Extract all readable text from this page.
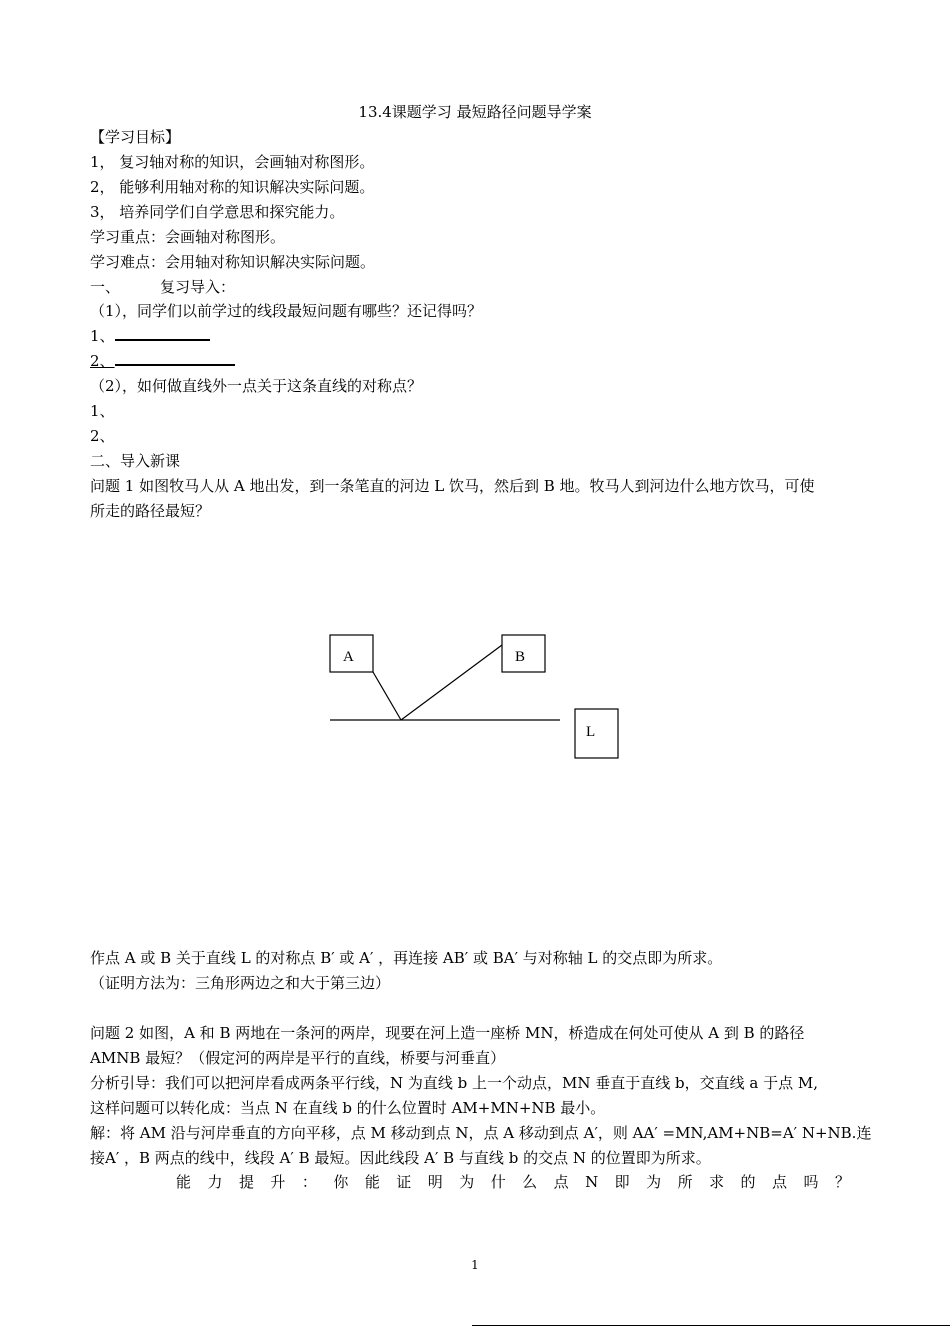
13.4课题学习 最短路径问题导学案
【学习目标】
1， 复习轴对称的知识，会画轴对称图形。
2， 能够利用轴对称的知识解决实际问题。
3， 培养同学们自学意思和探究能力。
学习重点：会画轴对称图形。
学习难点：会用轴对称知识解决实际问题。
一、	复习导入：
（1），同学们以前学过的线段最短问题有哪些？还记得吗？
1、
2、
（2），如何做直线外一点关于这条直线的对称点？
1、
2、
二、导入新课
问题 1 如图牧马人从 A 地出发，到一条笔直的河边 L 饮马，然后到 B 地。牧马人到河边什么地方饮马，可使
所走的路径最短？
A	B
L
作点 A 或 B 关于直线 L 的对称点 B′ 或 A′ ，再连接 AB′ 或 BA′ 与对称轴 L 的交点即为所求。
（证明方法为：三角形两边之和大于第三边）
问题 2 如图，A 和 B 两地在一条河的两岸，现要在河上造一座桥 MN，桥造成在何处可使从 A 到 B 的路径
AMNB 最短？（假定河的两岸是平行的直线，桥要与河垂直）
分析引导：我们可以把河岸看成两条平行线，N 为直线 b 上一个动点，MN 垂直于直线 b，交直线 a 于点 M,
这样问题可以转化成：当点 N 在直线 b 的什么位置时 AM+MN+NB 最小。
解：将 AM 沿与河岸垂直的方向平移，点 M 移动到点 N，点 A 移动到点 A′，则 AA′ =MN,AM+NB=A′ N+NB.连
接A′ ，B 两点的线中，线段 A′ B 最短。因此线段 A′ B 与直线 b 的交点 N 的位置即为所求。
能 力 提 升 ： 你 能 证 明 为 什 么 点 N 即 为 所 求 的 点 吗 ？
1
